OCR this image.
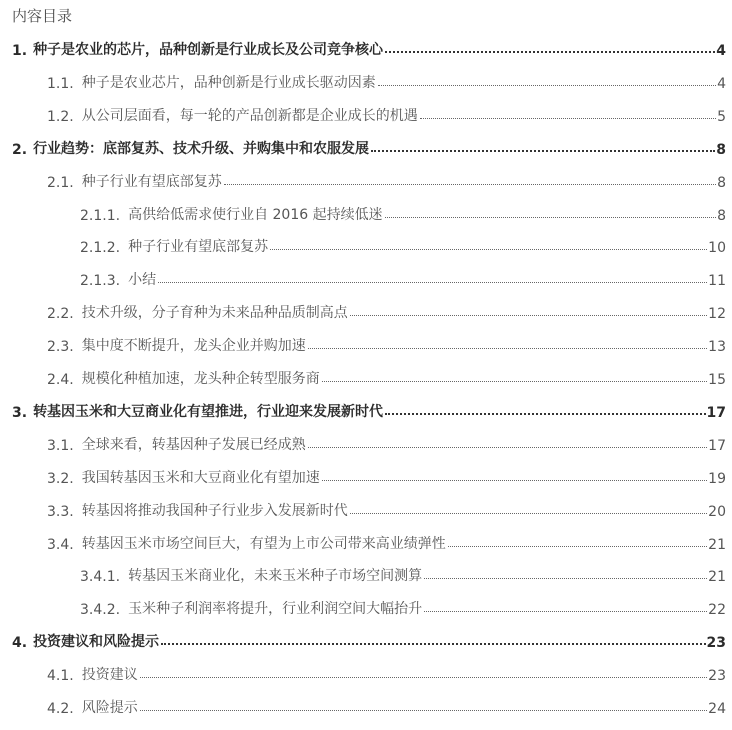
内容目录
1. 种子是农业的芯片，品种创新是行业成长及公司竞争核心	4
1.1. 种子是农业芯片，品种创新是行业成长驱动因素	4
1.2. 从公司层面看，每一轮的产品创新都是企业成长的机遇	5
2. 行业趋势：底部复苏、技术升级、并购集中和农服发展	8
2.1. 种子行业有望底部复苏	8
2.1.1. 高供给低需求使行业自 2016 起持续低迷	8
2.1.2. 种子行业有望底部复苏	10
2.1.3. 小结	11
2.2. 技术升级，分子育种为未来品种品质制高点	12
2.3. 集中度不断提升，龙头企业并购加速	13
2.4. 规模化种植加速，龙头种企转型服务商	15
3. 转基因玉米和大豆商业化有望推进，行业迎来发展新时代	17
3.1. 全球来看，转基因种子发展已经成熟	17
3.2. 我国转基因玉米和大豆商业化有望加速	19
3.3. 转基因将推动我国种子行业步入发展新时代	20
3.4. 转基因玉米市场空间巨大，有望为上市公司带来高业绩弹性	21
3.4.1. 转基因玉米商业化，未来玉米种子市场空间测算	21
3.4.2. 玉米种子利润率将提升，行业利润空间大幅抬升	22
4. 投资建议和风险提示	23
4.1. 投资建议	23
4.2. 风险提示	24
